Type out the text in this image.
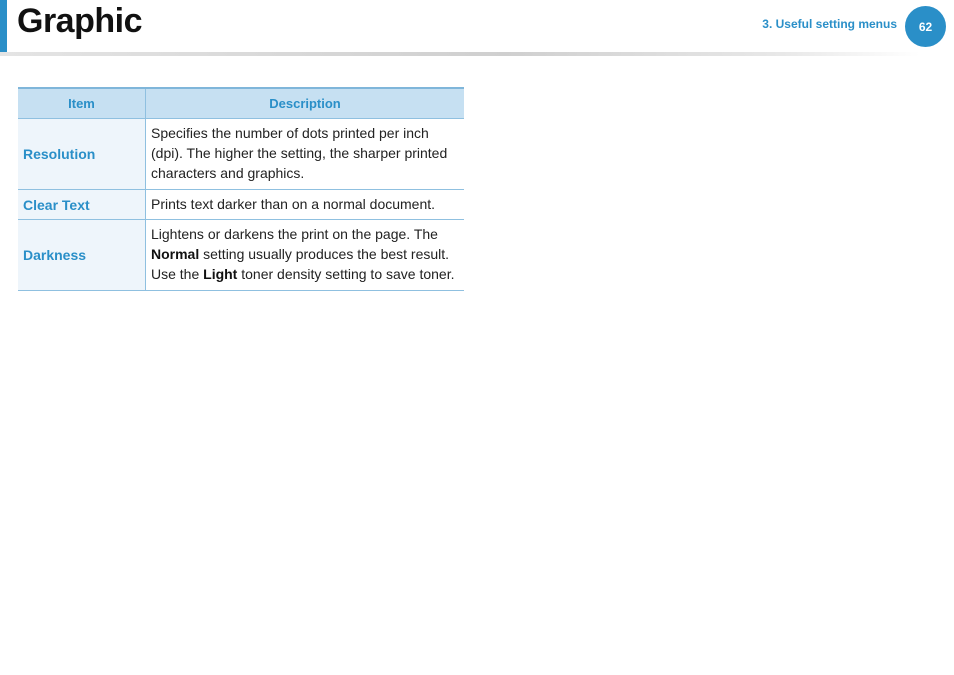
Graphic	3. Useful setting menus 62
Item	Description
Resolution	Specifies the number of dots printed per inch (dpi). The higher the setting, the sharper printed characters and graphics.
Clear Text	Prints text darker than on a normal document.
Darkness	Lightens or darkens the print on the page. The Normal setting usually produces the best result. Use the Light toner density setting to save toner.
